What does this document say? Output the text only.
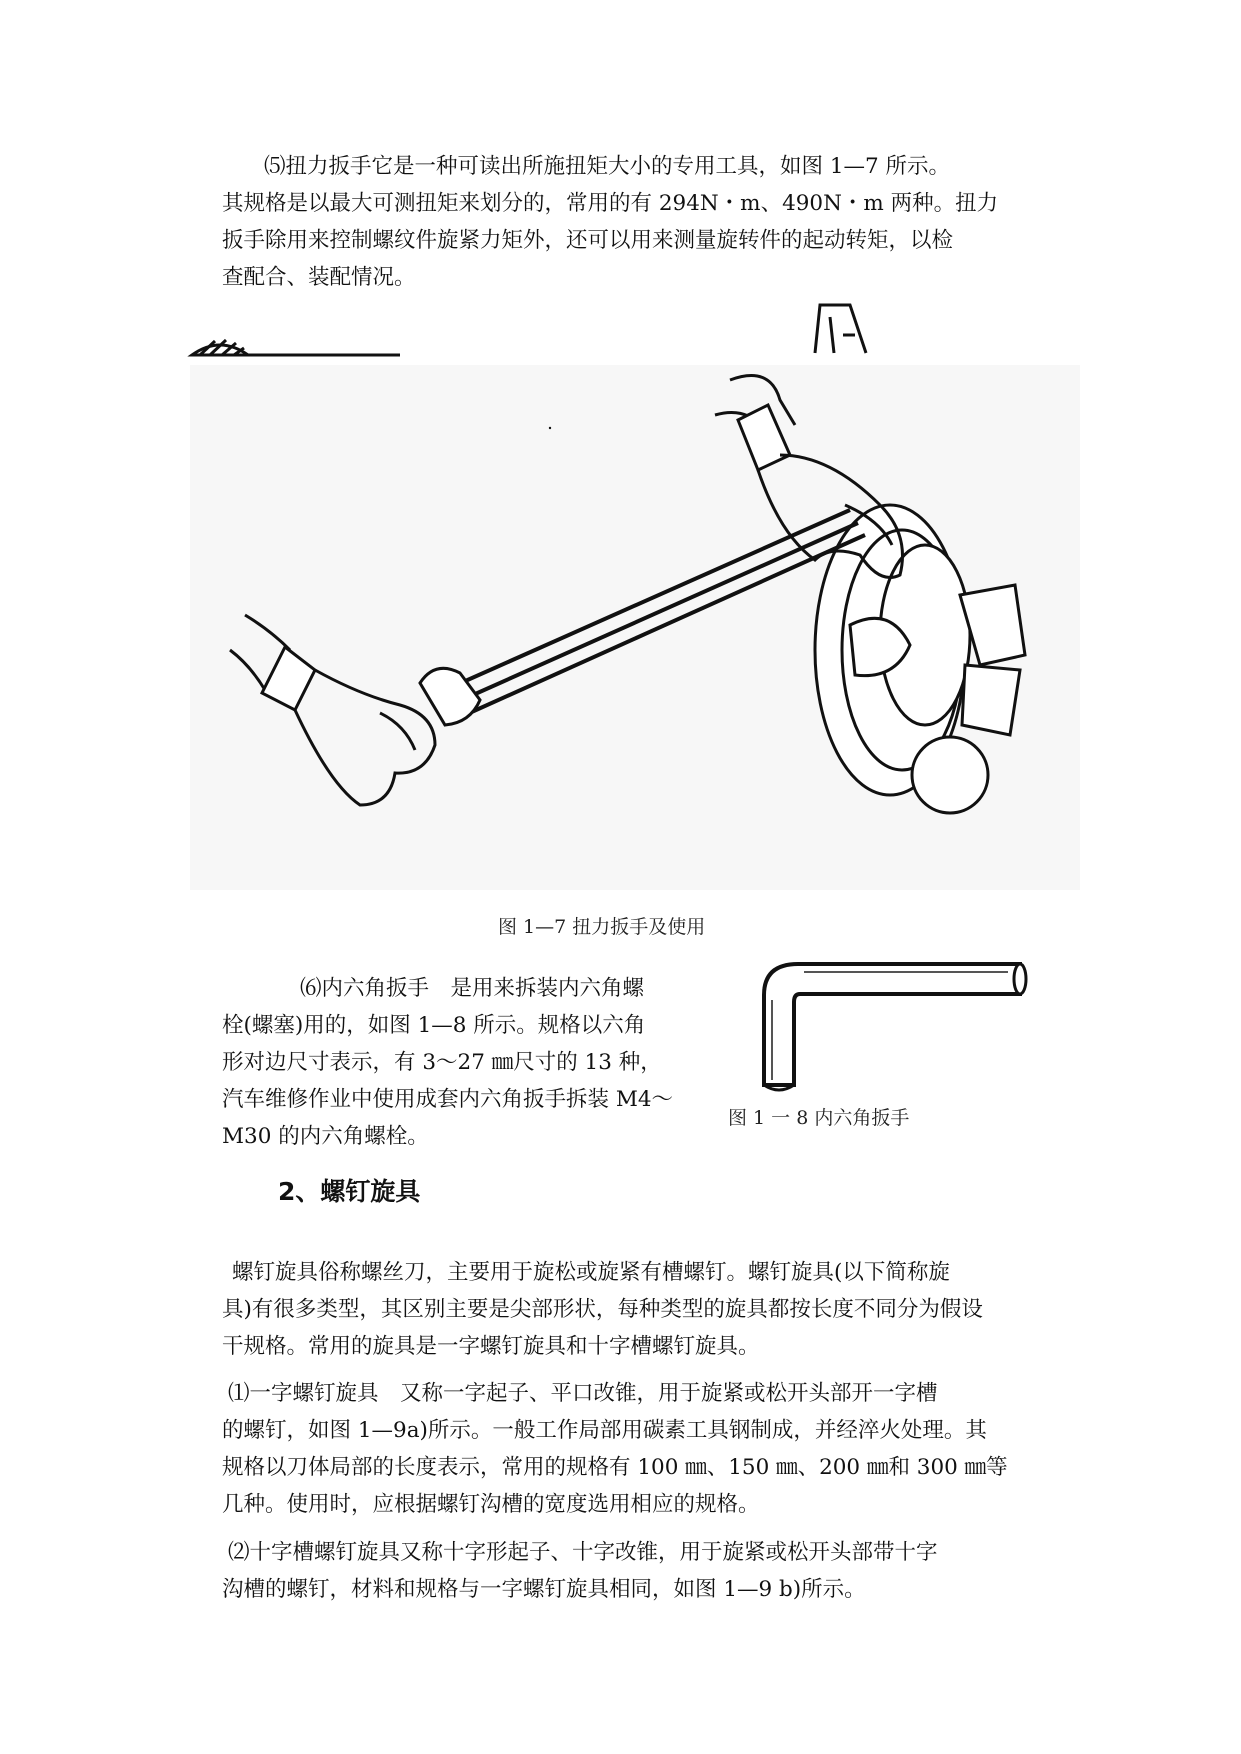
⑸扭力扳手它是一种可读出所施扭矩大小的专用工具，如图 1—7 所示。
其规格是以最大可测扭矩来划分的，常用的有 294N・m、490N・m 两种。扭力
扳手除用来控制螺纹件旋紧力矩外，还可以用来测量旋转件的起动转矩，以检
查配合、装配情况。
图 1—7 扭力扳手及使用
⑹内六角扳手　是用来拆装内六角螺
栓(螺塞)用的，如图 1—8 所示。规格以六角
形对边尺寸表示，有 3～27 ㎜尺寸的 13 种，
汽车维修作业中使用成套内六角扳手拆装 M4～
M30 的内六角螺栓。
图 1 一 8 内六角扳手
2、螺钉旋具
螺钉旋具俗称螺丝刀，主要用于旋松或旋紧有槽螺钉。螺钉旋具(以下简称旋
具)有很多类型，其区别主要是尖部形状，每种类型的旋具都按长度不同分为假设
干规格。常用的旋具是一字螺钉旋具和十字槽螺钉旋具。
⑴一字螺钉旋具　又称一字起子、平口改锥，用于旋紧或松开头部开一字槽
的螺钉，如图 1—9a)所示。一般工作局部用碳素工具钢制成，并经淬火处理。其
规格以刀体局部的长度表示，常用的规格有 100 ㎜、150 ㎜、200 ㎜和 300 ㎜等
几种。使用时，应根据螺钉沟槽的宽度选用相应的规格。
⑵十字槽螺钉旋具又称十字形起子、十字改锥，用于旋紧或松开头部带十字
沟槽的螺钉，材料和规格与一字螺钉旋具相同，如图 1—9 b)所示。
